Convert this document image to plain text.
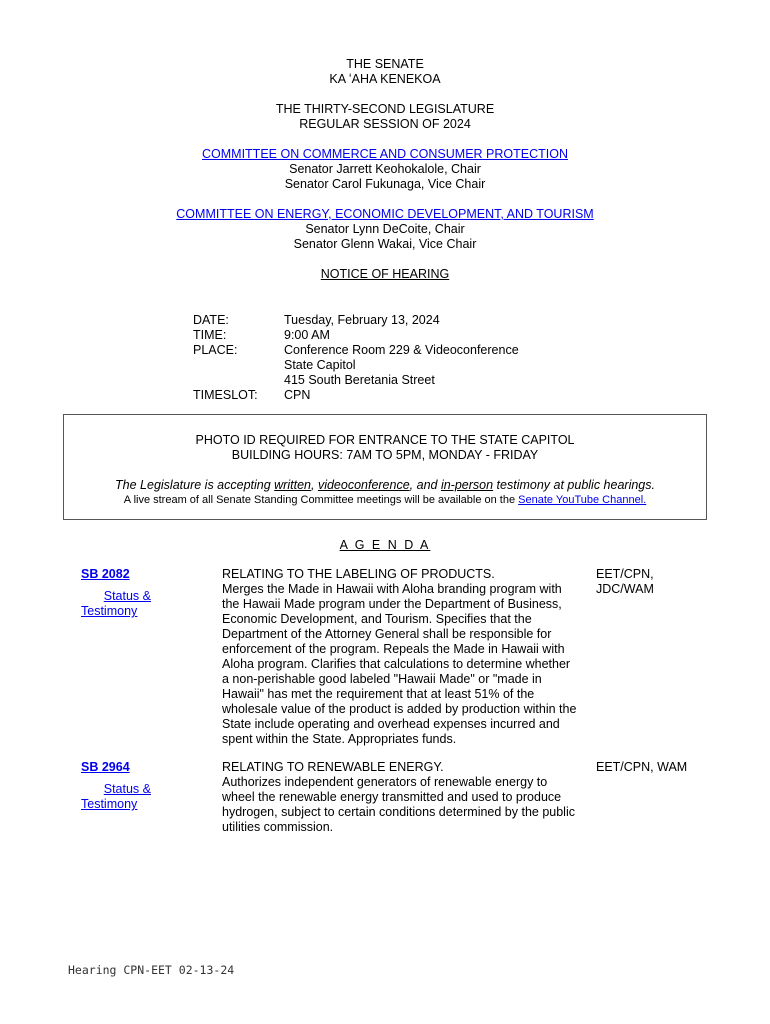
THE SENATE
KA ʻAHA KENEKOA
THE THIRTY-SECOND LEGISLATURE
REGULAR SESSION OF 2024
COMMITTEE ON COMMERCE AND CONSUMER PROTECTION
Senator Jarrett Keohokalole, Chair
Senator Carol Fukunaga, Vice Chair
COMMITTEE ON ENERGY, ECONOMIC DEVELOPMENT, AND TOURISM
Senator Lynn DeCoite, Chair
Senator Glenn Wakai, Vice Chair
NOTICE OF HEARING
DATE:	Tuesday, February 13, 2024
TIME:	9:00 AM
PLACE:	Conference Room 229 & Videoconference
State Capitol
415 South Beretania Street
TIMESLOT:	CPN
PHOTO ID REQUIRED FOR ENTRANCE TO THE STATE CAPITOL
BUILDING HOURS: 7AM TO 5PM, MONDAY - FRIDAY
The Legislature is accepting written, videoconference, and in-person testimony at public hearings.
A live stream of all Senate Standing Committee meetings will be available on the Senate YouTube Channel.
A G E N D A
SB 2082
Status &
Testimony
RELATING TO THE LABELING OF PRODUCTS.
Merges the Made in Hawaii with Aloha branding program with
the Hawaii Made program under the Department of Business,
Economic Development, and Tourism. Specifies that the
Department of the Attorney General shall be responsible for
enforcement of the program. Repeals the Made in Hawaii with
Aloha program. Clarifies that calculations to determine whether
a non-perishable good labeled "Hawaii Made" or "made in
Hawaii" has met the requirement that at least 51% of the
wholesale value of the product is added by production within the
State include operating and overhead expenses incurred and
spent within the State. Appropriates funds.
EET/CPN,
JDC/WAM
SB 2964
Status &
Testimony
RELATING TO RENEWABLE ENERGY.
Authorizes independent generators of renewable energy to
wheel the renewable energy transmitted and used to produce
hydrogen, subject to certain conditions determined by the public
utilities commission.
EET/CPN, WAM
Hearing CPN-EET 02-13-24
